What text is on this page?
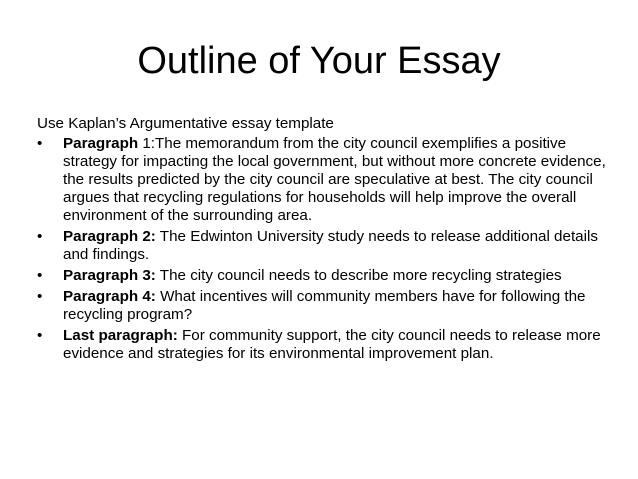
Outline of Your Essay

Use Kaplan’s Argumentative essay template

•	Paragraph 1:The memorandum from the city council exemplifies a positive strategy for impacting the local government, but without more concrete evidence, the results predicted by the city council are speculative at best. The city council argues that recycling regulations for households will help improve the overall environment of the surrounding area.
•	Paragraph 2: The Edwinton University study needs to release additional details and findings.
•	Paragraph 3: The city council needs to describe more recycling strategies
•	Paragraph 4: What incentives will community members have for following the recycling program?
•	Last paragraph: For community support, the city council needs to release more evidence and strategies for its environmental improvement plan.
